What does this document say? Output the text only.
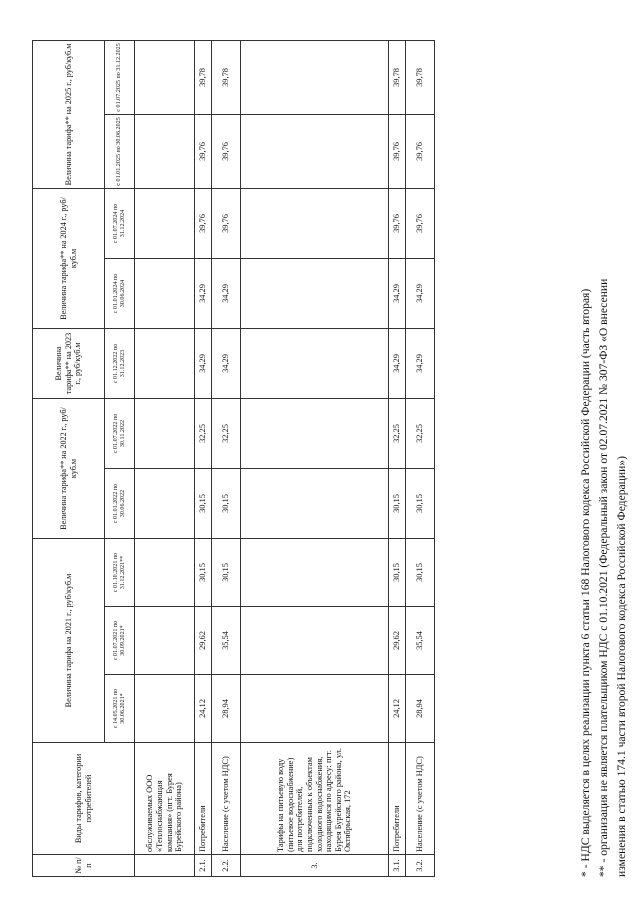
№ п/п	Виды тарифов, категории потребителей	Величина тарифа на 2021 г., руб/куб.м			Величина тарифа** на 2022 г., руб/куб.м		Величина тарифа** на 2023 г., руб/куб.м	Величина тарифа** на 2024 г., руб/куб.м		Величина тарифа** на 2025 г., руб/куб.м	
		с 14.05.2021 по 30.06.2021*	с 01.07.2021 по 30.09.2021*	с 01.10.2021 по 31.12.2021**	с 01.01.2022 по 30.06.2022	с 01.07.2022 по 30.11.2022	с 01.12.2022 по 31.12.2023	с 01.01.2024 по 30.06.2024	с 01.07.2024 по 31.12.2024	с 01.01.2025 по 30.06.2025	с 01.07.2025 по 31.12.2025
	обслуживаемых ООО «Теплоснабжающая компания» (пгт. Бурея Бурейского района)										
2.1.	Потребители	24,12	29,62	30,15	30,15	32,25	34,29	34,29	39,76	39,76	39,78
2.2.	Население (с учетом НДС)	28,94	35,54	30,15	30,15	32,25	34,29	34,29	39,76	39,76	39,78
3.	Тарифы на питьевую воду (питьевое водоснабжение) для потребителей, подключенных к объектам холодного водоснабжения, находящимся по адресу: пгт. Бурея Бурейского района, ул. Октябрьская, 172										
3.1.	Потребители	24,12	29,62	30,15	30,15	32,25	34,29	34,29	39,76	39,76	39,78
3.2.	Население (с учетом НДС)	28,94	35,54	30,15	30,15	32,25	34,29	34,29	39,76	39,76	39,78
* - НДС выделяется в целях реализации пункта 6 статьи 168 Налогового кодекса Российской Федерации (часть вторая) ** - организация не является плательщиком НДС с 01.10.2021 (Федеральный закон от 02.07.2021 № 307-ФЗ «О внесении изменения в статью 174.1 части второй Налогового кодекса Российской Федерации»)
